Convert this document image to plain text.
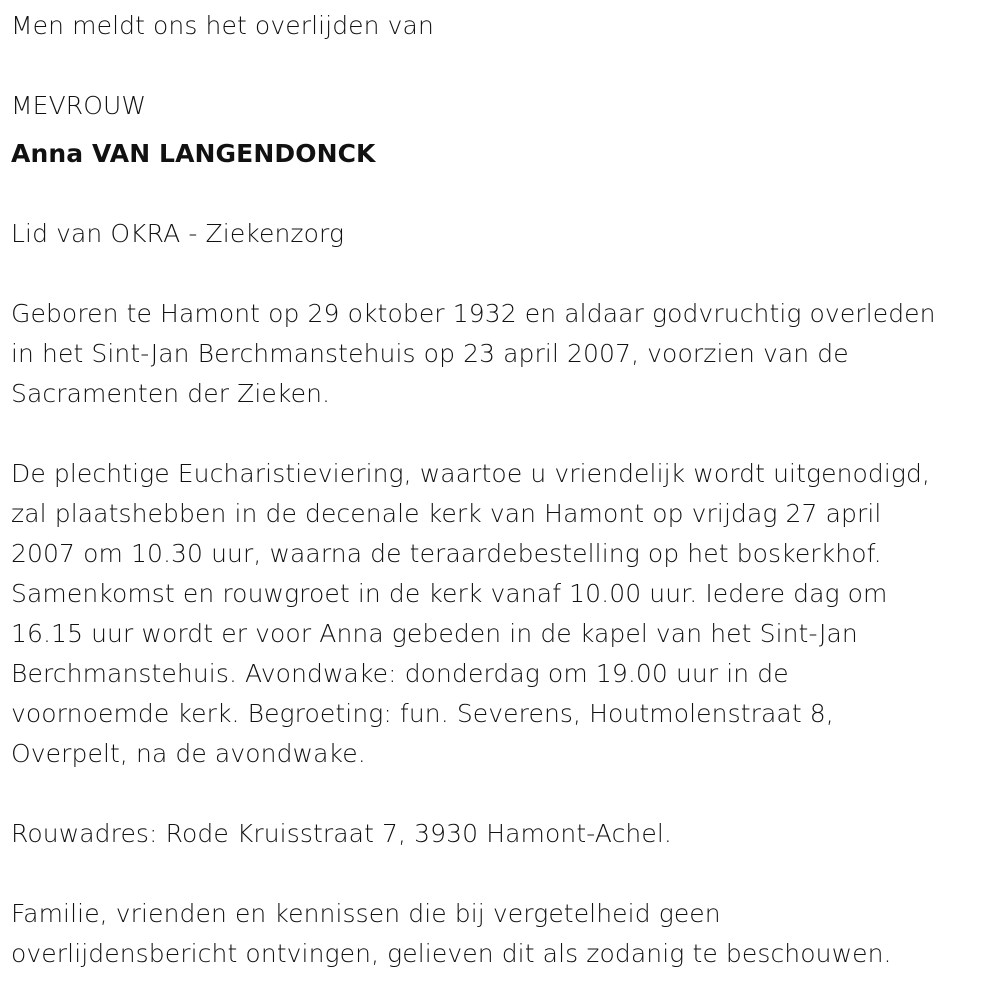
Men meldt ons het overlijden van

MEVROUW

Anna VAN LANGENDONCK

Lid van OKRA - Ziekenzorg

Geboren te Hamont op 29 oktober 1932 en aldaar godvruchtig overleden
in het Sint-Jan Berchmanstehuis op 23 april 2007, voorzien van de
Sacramenten der Zieken.
De plechtige Eucharistieviering, waartoe u vriendelijk wordt uitgenodigd,
zal plaatshebben in de decenale kerk van Hamont op vrijdag 27 april
2007 om 10.30 uur, waarna de teraardebestelling op het boskerkhof.
Samenkomst en rouwgroet in de kerk vanaf 10.00 uur. Iedere dag om
16.15 uur wordt er voor Anna gebeden in de kapel van het Sint-Jan
Berchmanstehuis. Avondwake: donderdag om 19.00 uur in de
voornoemde kerk. Begroeting: fun. Severens, Houtmolenstraat 8,
Overpelt, na de avondwake.

Rouwadres: Rode Kruisstraat 7, 3930 Hamont-Achel.

Familie, vrienden en kennissen die bij vergetelheid geen
overlijdensbericht ontvingen, gelieven dit als zodanig te beschouwen.
